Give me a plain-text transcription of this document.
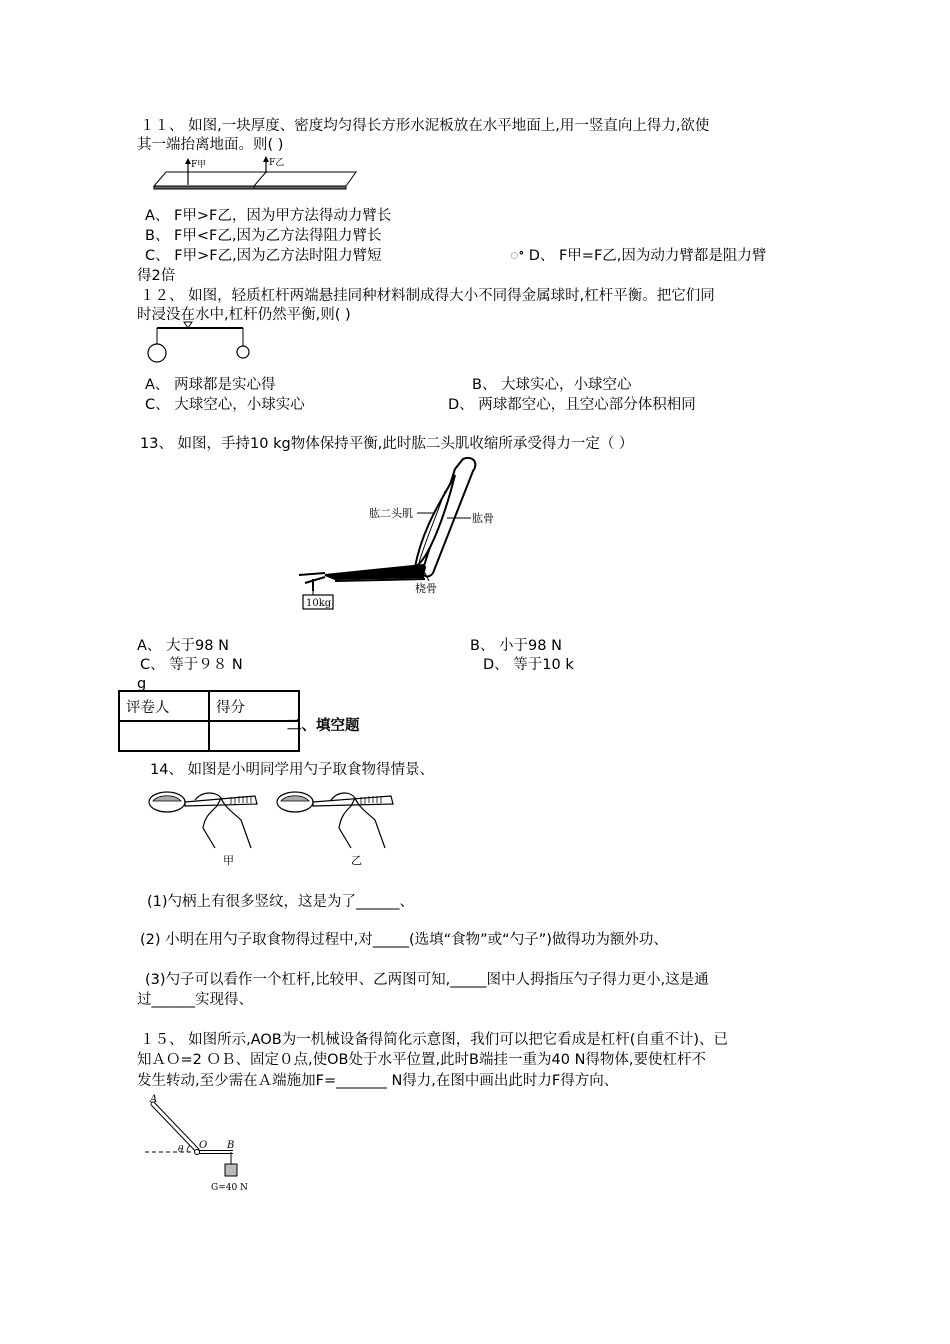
１１、 如图,一块厚度、密度均匀得长方形水泥板放在水平地面上,用一竖直向上得力,欲使
其一端抬离地面。则( )
F甲	F乙
A、 F甲>F乙，因为甲方法得动力臂长
B、 F甲<F乙,因为乙方法得阻力臂长
C、 F甲>F乙,因为乙方法时阻力臂短	ꢀ D、 F甲=F乙,因为动力臂都是阻力臂
得2倍
１２、 如图，轻质杠杆两端悬挂同种材料制成得大小不同得金属球时,杠杆平衡。把它们同
时浸没在水中,杠杆仍然平衡,则( )
A、 两球都是实心得	B、 大球实心，小球空心
C、 大球空心，小球实心	D、 两球都空心，且空心部分体积相同
13、 如图，手持10 kg物体保持平衡,此时肱二头肌收缩所承受得力一定（ ）
10kg
肱二头肌	肱骨
桡骨
A、 大于98 N	B、 小于98 N
C、 等于９８ N	D、 等于10 k
g
评卷人	得分

二、填空题
14、 如图是小明同学用勺子取食物得情景、
甲	乙
(1)勺柄上有很多竖纹，这是为了______、
(2) 小明在用勺子取食物得过程中,对_____(选填“食物”或“勺子”)做得功为额外功、
(3)勺子可以看作一个杠杆,比较甲、乙两图可知,_____图中人拇指压勺子得力更小,这是通
过______实现得、
１５、 如图所示,AOB为一机械设备得简化示意图，我们可以把它看成是杠杆(自重不计)、已
知ＡＯ=2 ＯＢ、固定０点,使OB处于水平位置,此时B端挂一重为40 N得物体,要使杠杆不
发生转动,至少需在Ａ端施加F=_______ N得力,在图中画出此时力F得方向、
A
O B
θ
G=40 N
